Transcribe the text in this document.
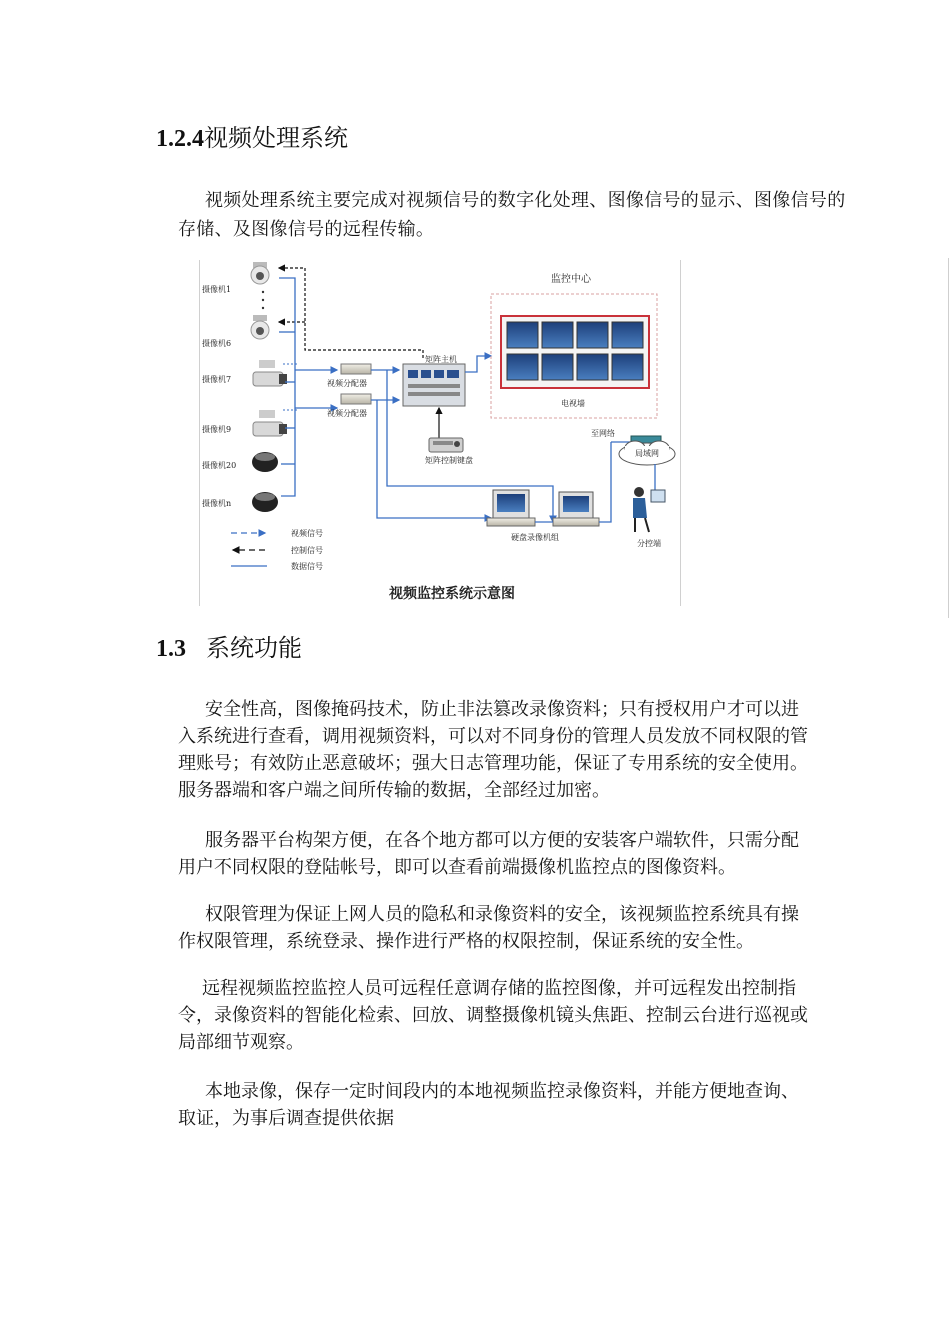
1.2.4视频处理系统

视频处理系统主要完成对视频信号的数字化处理、图像信号的显示、图像信号的存储、及图像信号的远程传输。

摄像机1
摄像机6
摄像机7
摄像机9
摄像机20
摄像机n
视频分配器
视频分配器
矩阵主机
监控中心
电视墙
矩阵控制键盘
硬盘录像机组
至网络
局域网
分控端
视频信号
控制信号
数据信号
视频监控系统示意图
1.3 系统功能

安全性高，图像掩码技术，防止非法篡改录像资料；只有授权用户才可以进入系统进行查看，调用视频资料，可以对不同身份的管理人员发放不同权限的管理账号；有效防止恶意破坏；强大日志管理功能，保证了专用系统的安全使用。服务器端和客户端之间所传输的数据，全部经过加密。

服务器平台构架方便，在各个地方都可以方便的安装客户端软件，只需分配用户不同权限的登陆帐号，即可以查看前端摄像机监控点的图像资料。

权限管理为保证上网人员的隐私和录像资料的安全，该视频监控系统具有操作权限管理，系统登录、操作进行严格的权限控制，保证系统的安全性。

远程视频监控监控人员可远程任意调存储的监控图像，并可远程发出控制指令，录像资料的智能化检索、回放、调整摄像机镜头焦距、控制云台进行巡视或局部细节观察。

本地录像，保存一定时间段内的本地视频监控录像资料，并能方便地查询、取证，为事后调查提供依据
